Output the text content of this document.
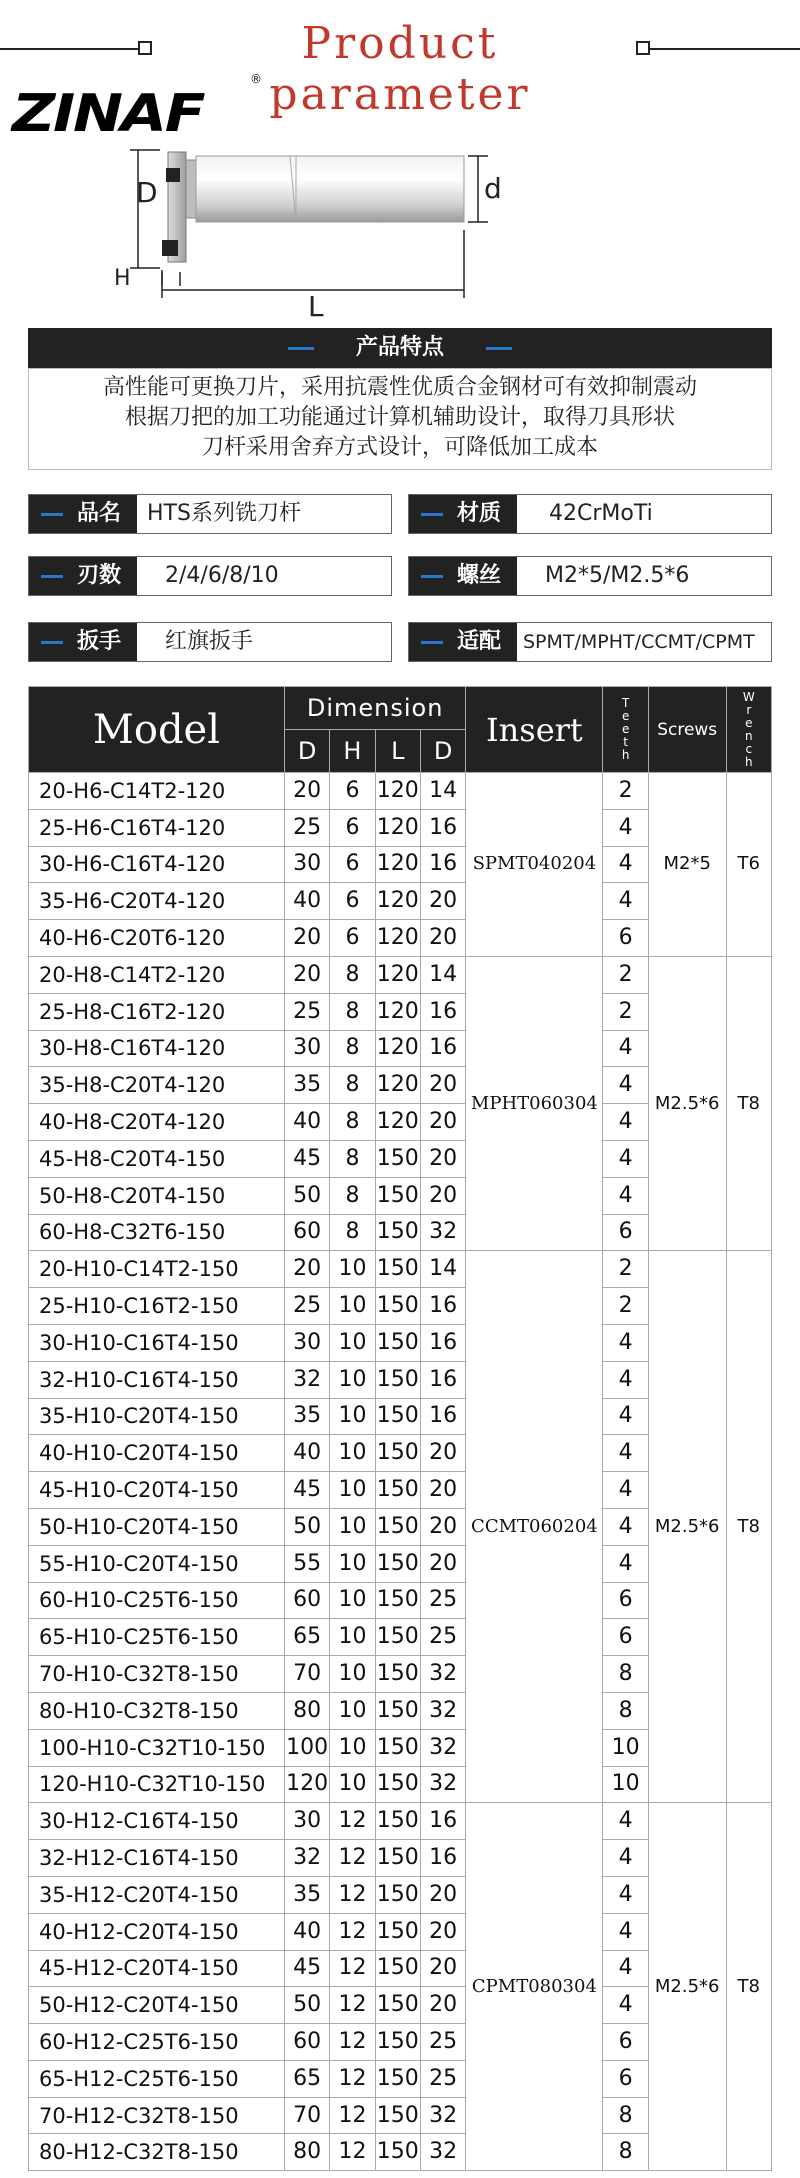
Product parameter
ZINAF
®
D	d
H
L
产品特点
高性能可更换刀片，采用抗震性优质合金钢材可有效抑制震动
根据刀把的加工功能通过计算机辅助设计，取得刀具形状
刀杆采用舍弃方式设计，可降低加工成本
品名 HTS系列铣刀杆	材质 42CrMoTi
刃数 2/4/6/8/10	螺丝 M2*5/M2.5*6
扳手 红旗扳手	适配 SPMT/MPHT/CCMT/CPMT
Model	Dimension				Insert	Teeth	Screws	Wrench

	D	H	L	D				
20-H6-C14T2-120	20	6	120	14	SPMT040204	2	M2*5	T6
25-H6-C16T4-120	25	6	120	16		4		
30-H6-C16T4-120	30	6	120	16		4		
35-H6-C20T4-120	40	6	120	20		4		
40-H6-C20T6-120	20	6	120	20		6		
20-H8-C14T2-120	20	8	120	14	MPHT060304	2	M2.5*6	T8
25-H8-C16T2-120	25	8	120	16		2		
30-H8-C16T4-120	30	8	120	16		4		
35-H8-C20T4-120	35	8	120	20		4		
40-H8-C20T4-120	40	8	120	20		4		
45-H8-C20T4-150	45	8	150	20		4		
50-H8-C20T4-150	50	8	150	20		4		
60-H8-C32T6-150	60	8	150	32		6		
20-H10-C14T2-150	20	10	150	14	CCMT060204	2	M2.5*6	T8
25-H10-C16T2-150	25	10	150	16		2		
30-H10-C16T4-150	30	10	150	16		4		
32-H10-C16T4-150	32	10	150	16		4		
35-H10-C20T4-150	35	10	150	16		4		
40-H10-C20T4-150	40	10	150	20		4		
45-H10-C20T4-150	45	10	150	20		4		
50-H10-C20T4-150	50	10	150	20		4		
55-H10-C20T4-150	55	10	150	20		4		
60-H10-C25T6-150	60	10	150	25		6		
65-H10-C25T6-150	65	10	150	25		6		
70-H10-C32T8-150	70	10	150	32		8		
80-H10-C32T8-150	80	10	150	32		8		
100-H10-C32T10-150	100	10	150	32		10		
120-H10-C32T10-150	120	10	150	32		10		
30-H12-C16T4-150	30	12	150	16	CPMT080304	4	M2.5*6	T8
32-H12-C16T4-150	32	12	150	16		4		
35-H12-C20T4-150	35	12	150	20		4		
40-H12-C20T4-150	40	12	150	20		4		
45-H12-C20T4-150	45	12	150	20		4		
50-H12-C20T4-150	50	12	150	20		4		
60-H12-C25T6-150	60	12	150	25		6		
65-H12-C25T6-150	65	12	150	25		6		
70-H12-C32T8-150	70	12	150	32		8		
80-H12-C32T8-150	80	12	150	32		8		
